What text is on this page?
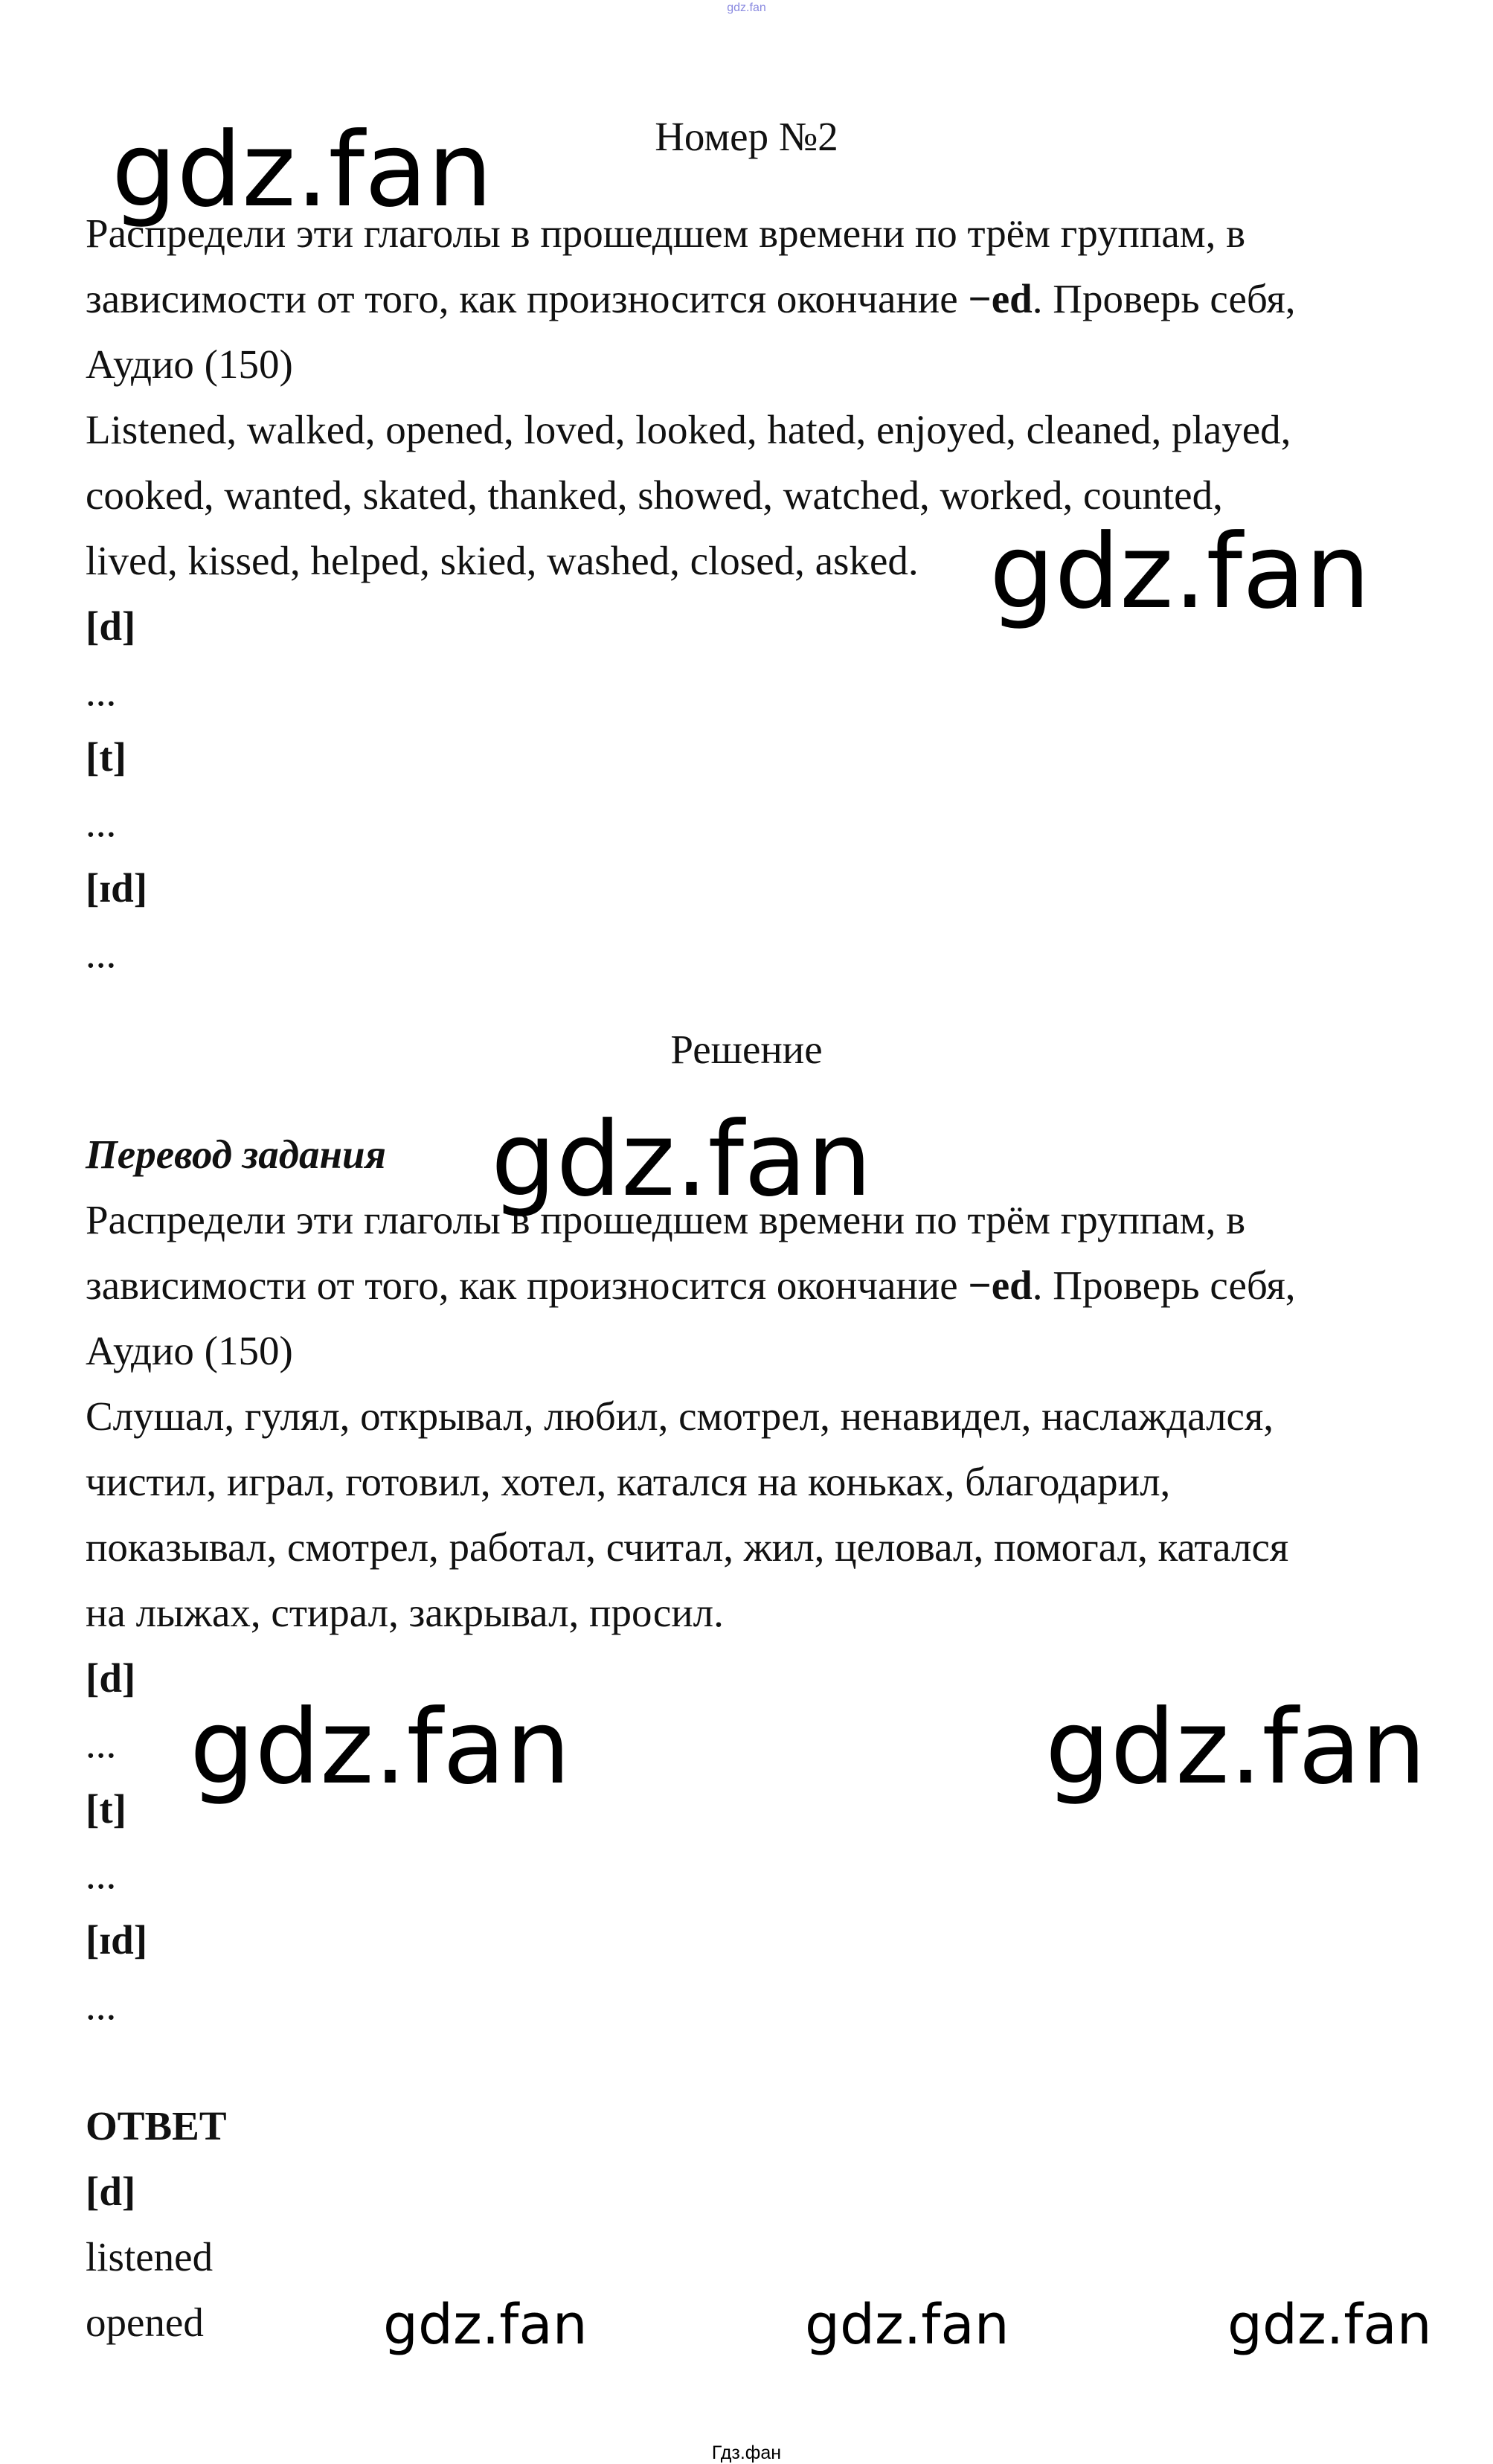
gdz.fan
Номер №2
Распредели эти глаголы в прошедшем времени по трём группам, в
зависимости от того, как произносится окончание −ed. Проверь себя,
Аудио (150)
Listened, walked, opened, loved, looked, hated, enjoyed, cleaned, played,
cooked, wanted, skated, thanked, showed, watched, worked, counted,
lived, kissed, helped, skied, washed, closed, asked.
[d]
...
[t]
...
[ɪd]
...
Решение
Перевод задания
Распредели эти глаголы в прошедшем времени по трём группам, в
зависимости от того, как произносится окончание −ed. Проверь себя,
Аудио (150)
Слушал, гулял, открывал, любил, смотрел, ненавидел, наслаждался,
чистил, играл, готовил, хотел, катался на коньках, благодарил,
показывал, смотрел, работал, считал, жил, целовал, помогал, катался
на лыжах, стирал, закрывал, просил.
[d]
...
[t]
...
[ɪd]
...
ОТВЕТ
[d]
listened
opened
gdz.fan
gdz.fan
gdz.fan
gdz.fan	gdz.fan
gdz.fan	gdz.fan	gdz.fan
Гдз.фан
